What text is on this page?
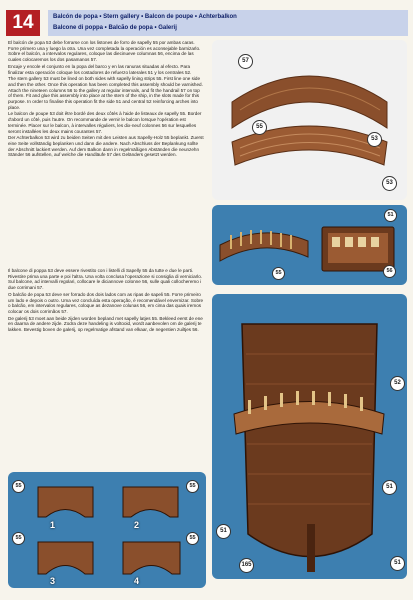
14	Balcón de popa • Stern gallery • Balcon de poupe • Achterbalkon
Balcone di poppa • Balcão de popa • Galerij

El balcón de popa 53 debe forrarse con los listones de forro de sapelly 55 por ambas caras. Forre primero una y luego la otra. Una vez completada la operación es aconsejable barnizarlo. Sobre el balcón, a intervalos regulares, coloque las diecinueve columnas 56, encima de las cuales colocaremos los dos pasamanos 57.

Encaje y encole el conjunto en la popa del barco y en las ranuras situadas al efecto. Para finalizar esta operación coloque los costadores de refuerzo laterales 51 y los centrales 52.

The stern gallery 53 must be lined on both sides with sapelly lining strips 55. First line one side and then the other. Once this operation has been completed this assembly should be varnished. Attach the nineteen columns 56 to the gallery at regular intervals, and fit the handrail 57 on top of them. Fit and glue this assembly into place at the stern of the ship, in the slots made for this purpose. In order to finalise this operation fit the side 51 and central 52 reinforcing arches into place.

Le balcon de poupe 53 doit être bordé des deux côtés à l'aide de listeaux de sapelly 55. Border d'abord un côté, puis l'autre. On recommande de vernir le balcon lorsque l'opération est terminée. Placer sur le balcon, à intervalles réguliers, les dix-neuf colonnes 56 sur lesquelles seront installées les deux mains courantes 57.

Der Achterbalkon 53 wird zu beiden Seiten mit den Leisten aus Sapelly-Holz 55 beplankt. Zuerst eine Seite vollständig beplanken und dann die andere. Nach Abschluss der Beplankung sollte der Abschnitt lackiert werden. Auf dem Balkon dann in regelmäßigen Abständen die neunzehn Ständer 56 aufstellen, auf welche die Handläufe 57 des Geländers gesetzt werden.

Il balcone di poppa 53 deve essere rivestito con i listelli di Sapelly 55 da tutte e due le parti. Rivestire prima una parte e poi l'altra. Una volta conclusa l'operazione si consiglia di verniciarlo. Sul balcone, ad intervalli regolari, collocare le diciannove colonne 56, sulle quali collocheremo i due corrimani 57.

O balcão de popa 53 deve ser forrado dos dois lados com as ripas de sapeli 55. Forre primeiro um lado e depois o outro. Uma vez concluída esta operação, é recomendável envernizar. Sobre o balcão, em intervalos regulares, coloque as dezanove colunas 56, em cima das quais iremos colocar os dois corrimãos 57.

De galerij 53 moet aan beide zijden worden bepland met sapelly latjes 55. Bekleed eerst de ene en daarna de andere zijde. Zodra deze handeling is voltooid, wordt aanbevolen om de galerij te lakken. Bevestig boven de galerij, op regelmatige afstand van elkaar, de negentien zuiltjes 56.

57
55
53
53
51
55	56
52
51
165
51
51
55	55
55	55
1	2
3	4
